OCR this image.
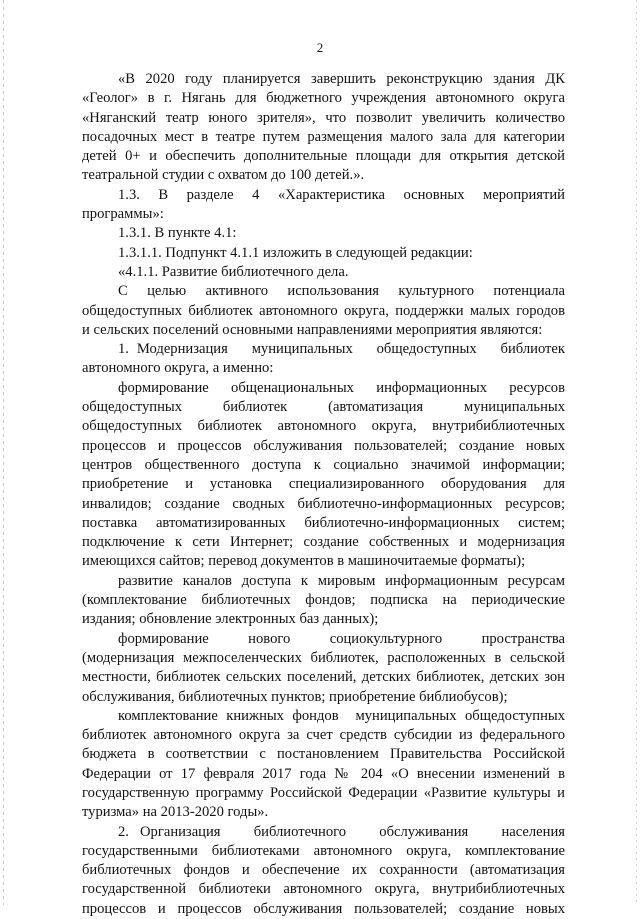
2

«В 2020 году планируется завершить реконструкцию здания ДК

«Геолог» в г. Нягань для бюджетного учреждения автономного округа

«Няганский театр юного зрителя», что позволит увеличить количество

посадочных мест в театре путем размещения малого зала для категории

детей 0+ и обеспечить дополнительные площади для открытия детской

театральной студии с охватом до 100 детей.».

1.3.   В   разделе   4   «Характеристика   основных   мероприятий

программы»:

1.3.1. В пункте 4.1:

1.3.1.1. Подпункт 4.1.1 изложить в следующей редакции:

«4.1.1. Развитие библиотечного дела.

С   целью   активного   использования   культурного   потенциала

общедоступных библиотек автономного округа, поддержки малых городов

и сельских поселений основными направлениями мероприятия являются:

1. Модернизация   муниципальных   общедоступных   библиотек

автономного округа, а именно:

формирование   общенациональных   информационных   ресурсов

общедоступных   библиотек   (автоматизация   муниципальных

общедоступных библиотек автономного округа, внутрибиблиотечных

процессов и процессов обслуживания пользователей; создание новых

центров общественного доступа к социально значимой информации;

приобретение и установка специализированного оборудования для

инвалидов; создание сводных библиотечно-информационных ресурсов;

поставка автоматизированных библиотечно-информационных систем;

подключение к сети Интернет; создание собственных и модернизация

имеющихся сайтов; перевод документов в машиночитаемые форматы);

развитие каналов доступа к мировым информационным ресурсам

(комплектование библиотечных фондов; подписка на периодические

издания; обновление электронных баз данных);

формирование   нового   социокультурного   пространства

(модернизация межпоселенческих библиотек, расположенных в сельской

местности, библиотек сельских поселений, детских библиотек, детских зон

обслуживания, библиотечных пунктов; приобретение библиобусов);

комплектование книжных фондов  муниципальных общедоступных

библиотек автономного округа за счет средств субсидии из федерального

бюджета в соответствии с постановлением Правительства Российской

Федерации от 17 февраля 2017 года № 204 «О внесении изменений в

государственную программу Российской Федерации «Развитие культуры и

туризма» на 2013-2020 годы».

2. Организация   библиотечного   обслуживания   населения

государственными библиотеками автономного округа, комплектование

библиотечных фондов и обеспечение их сохранности (автоматизация

государственной библиотеки автономного округа, внутрибиблиотечных

процессов и процессов обслуживания пользователей; создание новых
